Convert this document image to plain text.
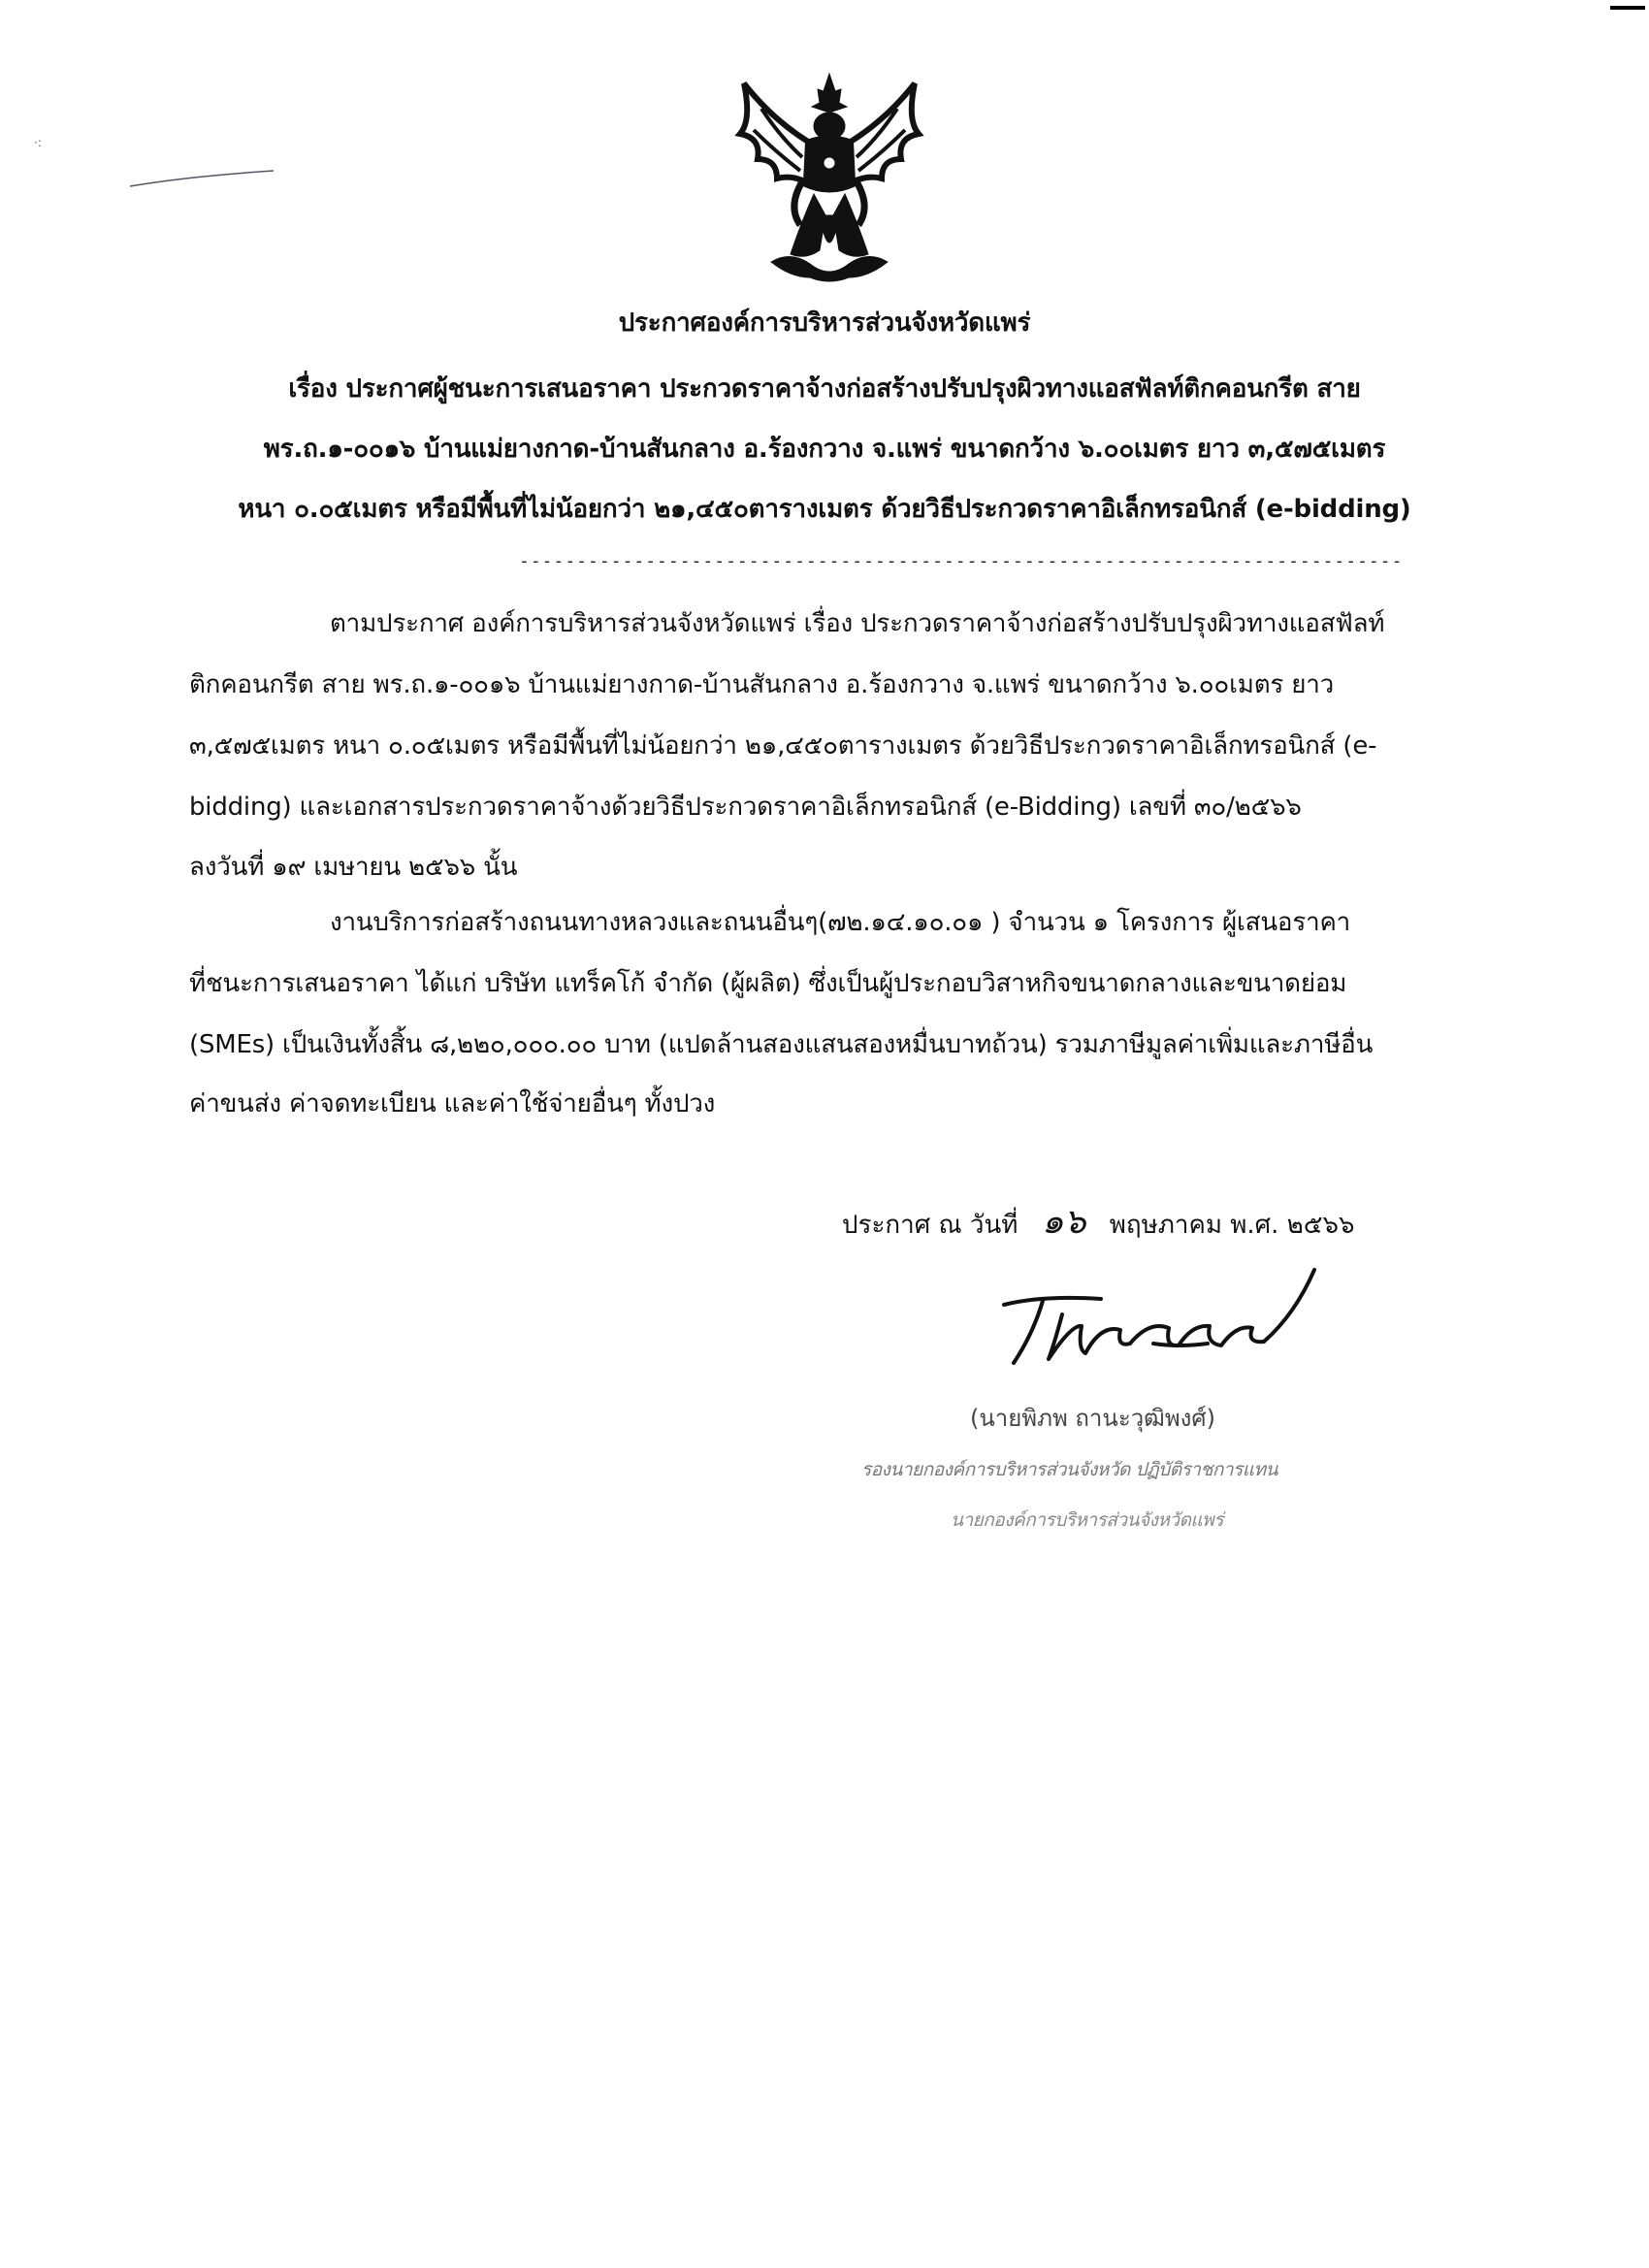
·:
ประกาศองค์การบริหารส่วนจังหวัดแพร่
เรื่อง ประกาศผู้ชนะการเสนอราคา ประกวดราคาจ้างก่อสร้างปรับปรุงผิวทางแอสฟัลท์ติกคอนกรีต สาย
พร.ถ.๑-๐๐๑๖ บ้านแม่ยางกาด-บ้านสันกลาง อ.ร้องกวาง จ.แพร่ ขนาดกว้าง ๖.๐๐เมตร ยาว ๓,๕๗๕เมตร
หนา ๐.๐๕เมตร หรือมีพื้นที่ไม่น้อยกว่า ๒๑,๔๕๐ตารางเมตร ด้วยวิธีประกวดราคาอิเล็กทรอนิกส์ (e-bidding)
-----------------------------------------------------------------------------
ตามประกาศ องค์การบริหารส่วนจังหวัดแพร่ เรื่อง ประกวดราคาจ้างก่อสร้างปรับปรุงผิวทางแอสฟัลท์
ติกคอนกรีต สาย พร.ถ.๑-๐๐๑๖ บ้านแม่ยางกาด-บ้านสันกลาง อ.ร้องกวาง จ.แพร่ ขนาดกว้าง ๖.๐๐เมตร ยาว
๓,๕๗๕เมตร หนา ๐.๐๕เมตร หรือมีพื้นที่ไม่น้อยกว่า ๒๑,๔๕๐ตารางเมตร ด้วยวิธีประกวดราคาอิเล็กทรอนิกส์ (e-
bidding) และเอกสารประกวดราคาจ้างด้วยวิธีประกวดราคาอิเล็กทรอนิกส์ (e-Bidding) เลขที่ ๓๐/๒๕๖๖
ลงวันที่ ๑๙ เมษายน ๒๕๖๖ นั้น
งานบริการก่อสร้างถนนทางหลวงและถนนอื่นๆ(๗๒.๑๔.๑๐.๐๑ ) จำนวน ๑ โครงการ ผู้เสนอราคา
ที่ชนะการเสนอราคา ได้แก่ บริษัท แทร็คโก้ จำกัด (ผู้ผลิต) ซึ่งเป็นผู้ประกอบวิสาหกิจขนาดกลางและขนาดย่อม
(SMEs) เป็นเงินทั้งสิ้น ๘,๒๒๐,๐๐๐.๐๐ บาท (แปดล้านสองแสนสองหมื่นบาทถ้วน) รวมภาษีมูลค่าเพิ่มและภาษีอื่น
ค่าขนส่ง ค่าจดทะเบียน และค่าใช้จ่ายอื่นๆ ทั้งปวง
ประกาศ ณ วันที่ ๑๖ พฤษภาคม พ.ศ. ๒๕๖๖
(นายพิภพ ถานะวุฒิพงศ์)
รองนายกองค์การบริหารส่วนจังหวัด ปฏิบัติราชการแทน
นายกองค์การบริหารส่วนจังหวัดแพร่
